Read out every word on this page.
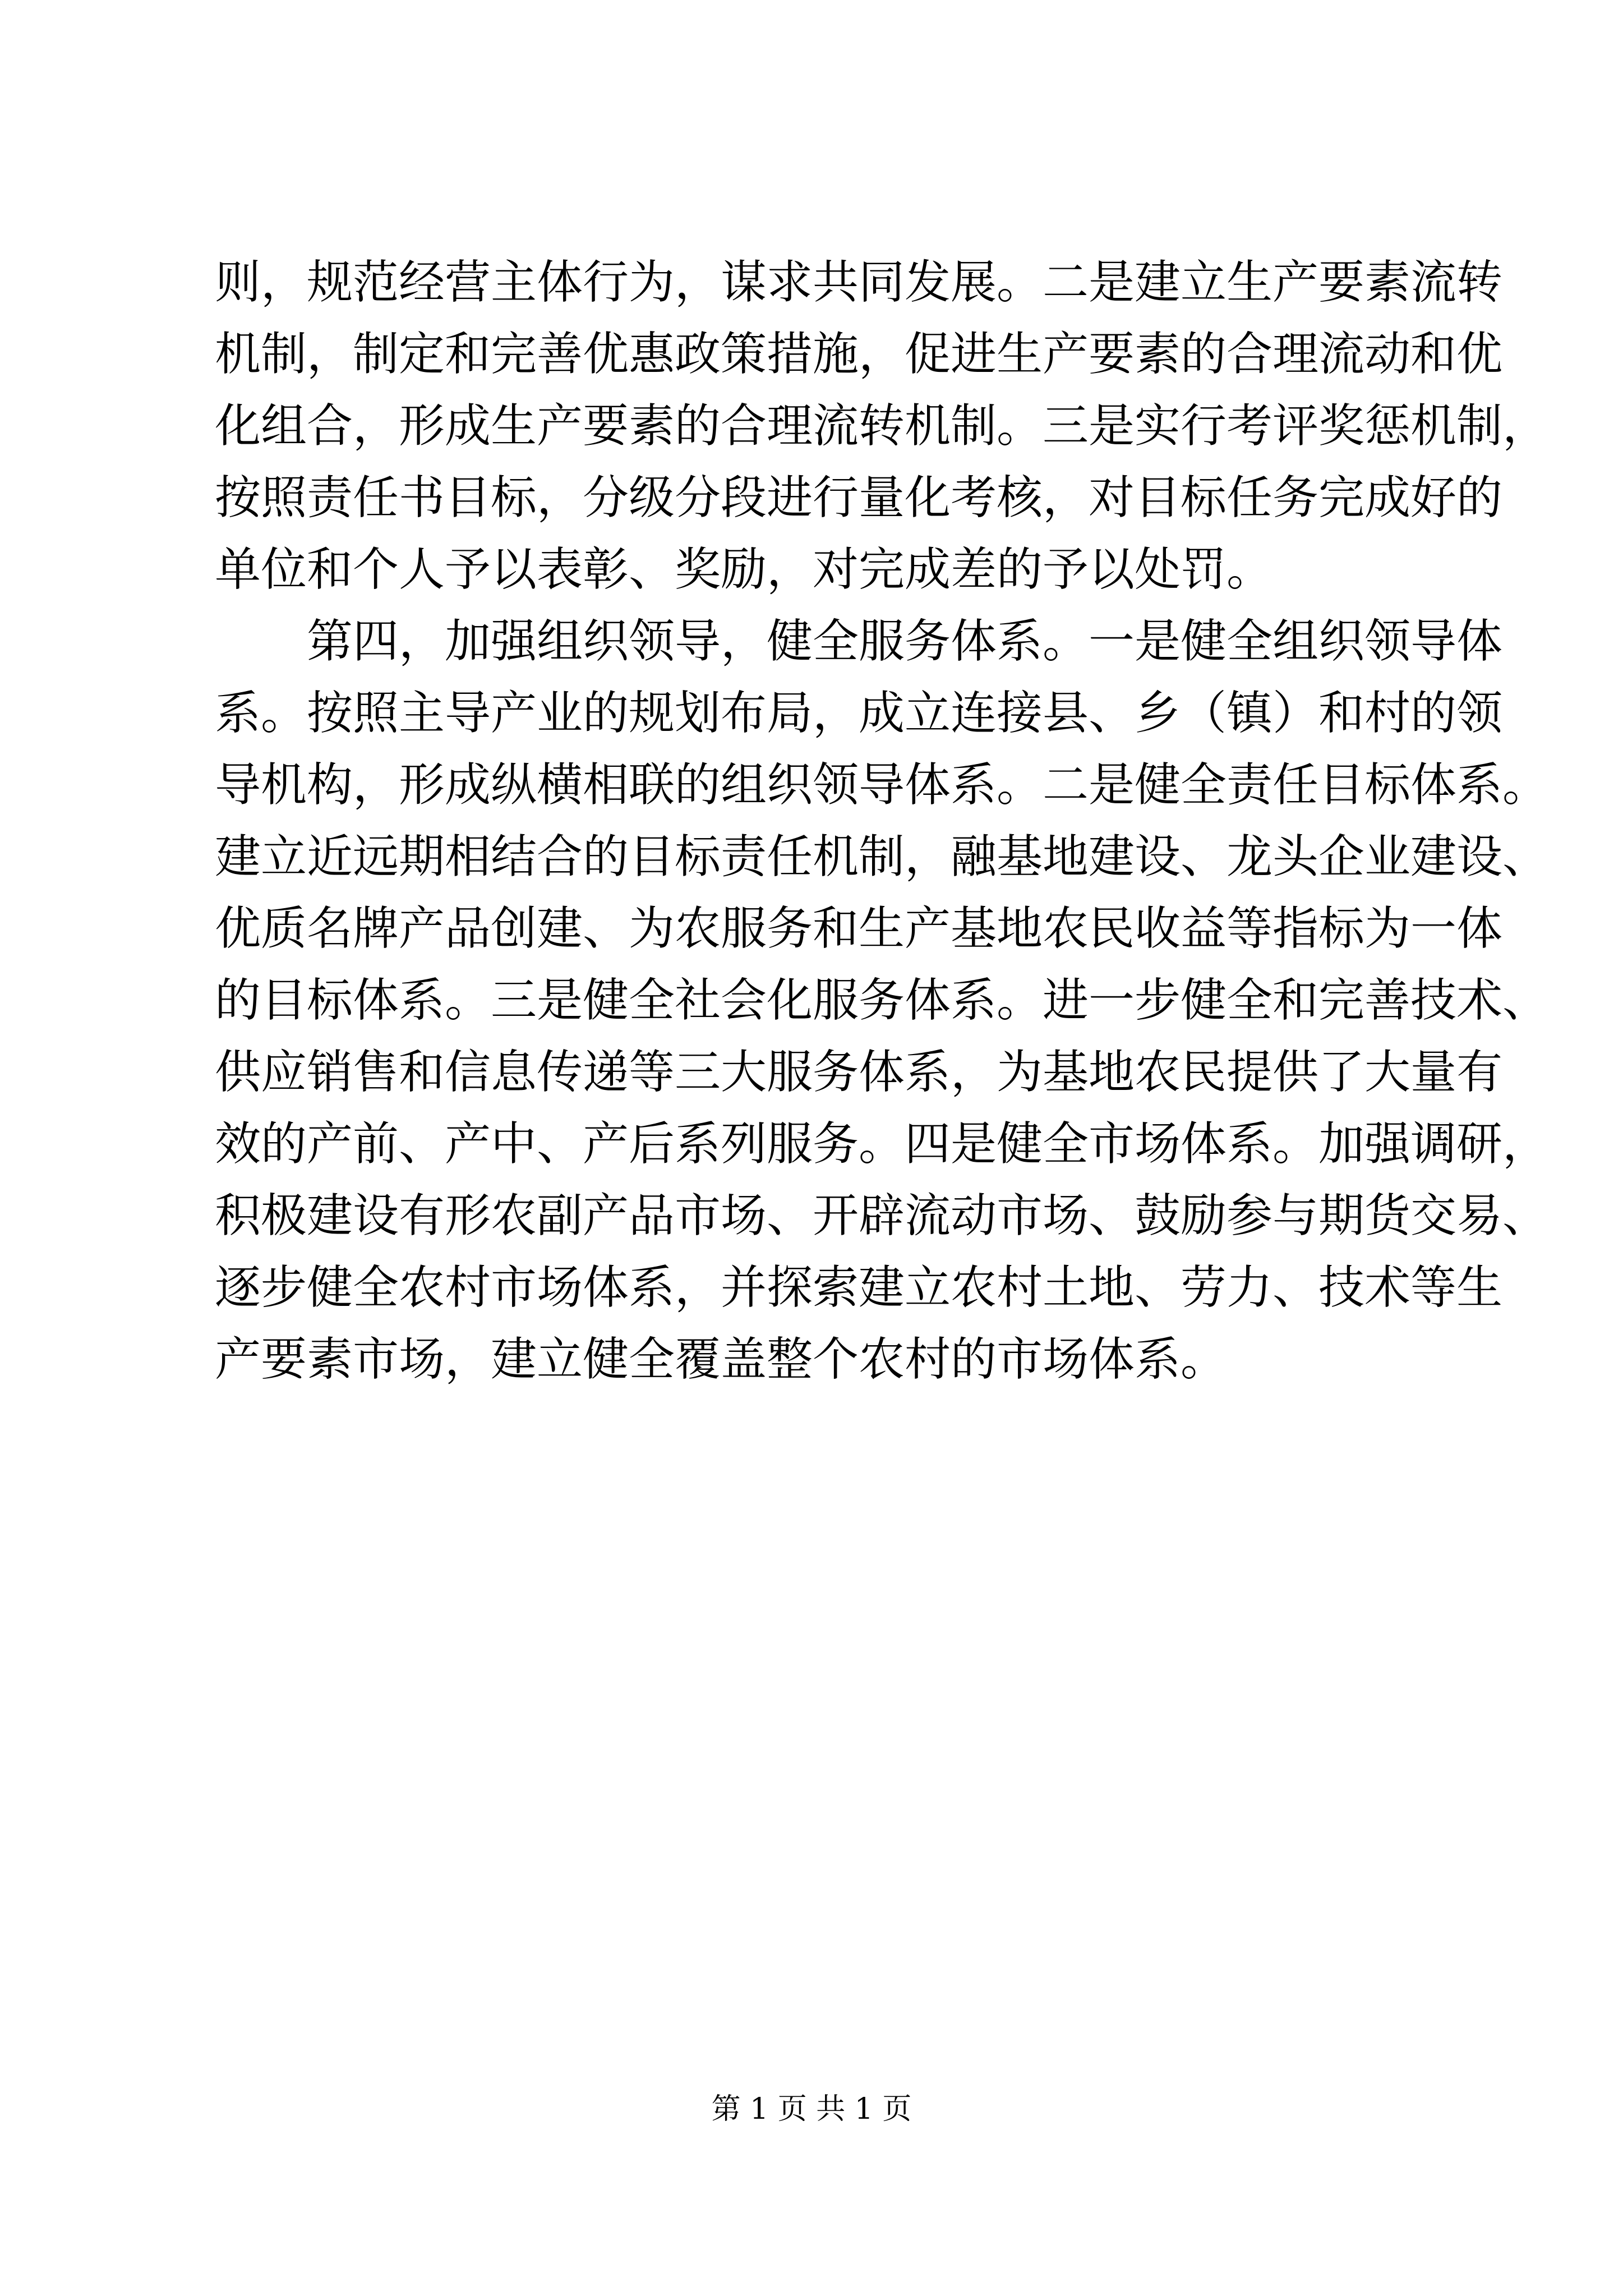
则，规范经营主体行为，谋求共同发展。二是建立生产要素流转
机制，制定和完善优惠政策措施，促进生产要素的合理流动和优
化组合，形成生产要素的合理流转机制。三是实行考评奖惩机制，
按照责任书目标，分级分段进行量化考核，对目标任务完成好的
单位和个人予以表彰、奖励，对完成差的予以处罚。
　　第四，加强组织领导，健全服务体系。一是健全组织领导体
系。按照主导产业的规划布局，成立连接县、乡（镇）和村的领
导机构，形成纵横相联的组织领导体系。二是健全责任目标体系。
建立近远期相结合的目标责任机制，融基地建设、龙头企业建设、
优质名牌产品创建、为农服务和生产基地农民收益等指标为一体
的目标体系。三是健全社会化服务体系。进一步健全和完善技术、
供应销售和信息传递等三大服务体系，为基地农民提供了大量有
效的产前、产中、产后系列服务。四是健全市场体系。加强调研，
积极建设有形农副产品市场、开辟流动市场、鼓励参与期货交易、
逐步健全农村市场体系，并探索建立农村土地、劳力、技术等生
产要素市场，建立健全覆盖整个农村的市场体系。
第 1 页 共 1 页
